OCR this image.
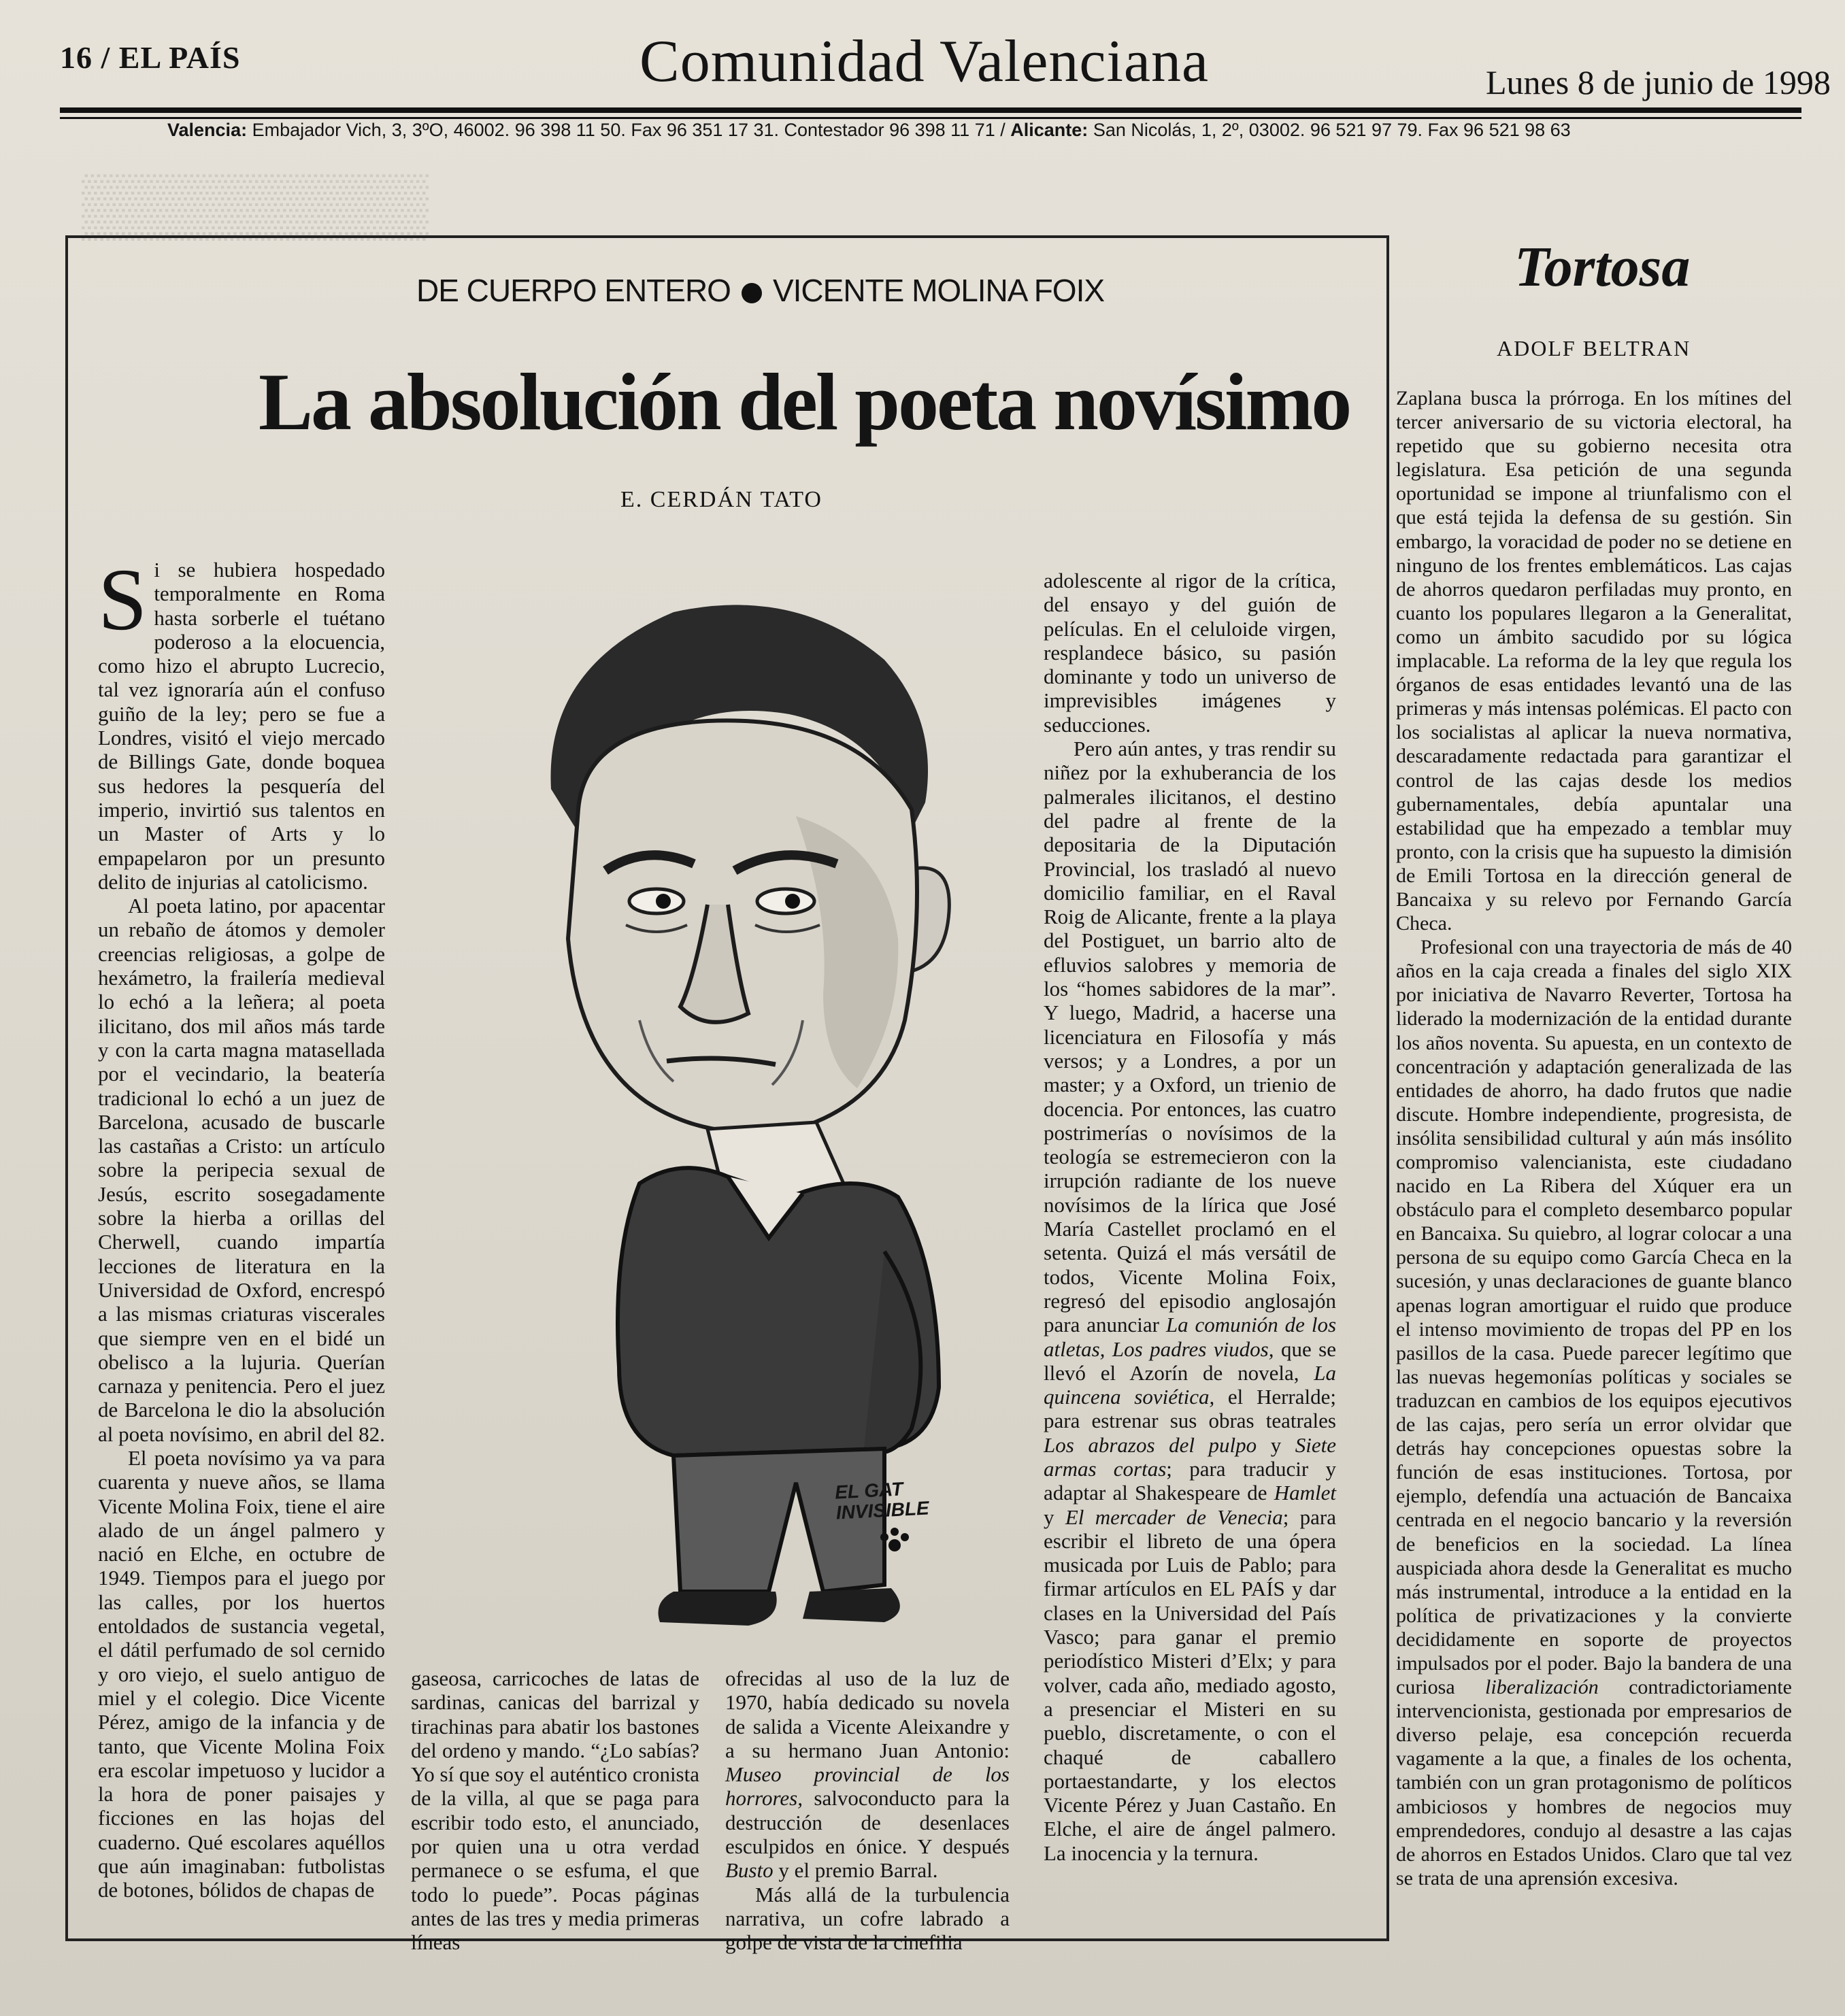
▒▒▒▒▒▒▒▒
16 / EL PAÍS	Comunidad Valenciana	Lunes 8 de junio de 1998
Valencia: Embajador Vich, 3, 3ºO, 46002. 96 398 11 50. Fax 96 351 17 31. Contestador 96 398 11 71 / Alicante: San Nicolás, 1, 2º, 03002. 96 521 97 79. Fax 96 521 98 63
DE CUERPO ENTERO VICENTE MOLINA FOIX
La absolución del poeta novísimo
E. CERDÁN TATO

Si se hubiera hospedado temporalmente en Roma hasta sorberle el tuétano poderoso a la elocuencia, como hizo el abrupto Lucrecio, tal vez ignoraría aún el confuso guiño de la ley; pero se fue a Londres, visitó el viejo mercado de Billings Gate, donde boquea sus hedores la pesquería del imperio, invirtió sus talentos en un Master of Arts y lo empapelaron por un presunto delito de injurias al catolicismo.

Al poeta latino, por apacentar un rebaño de átomos y demoler creencias religiosas, a golpe de hexámetro, la frailería medieval lo echó a la leñera; al poeta ilicitano, dos mil años más tarde y con la carta magna matasellada por el vecindario, la beatería tradicional lo echó a un juez de Barcelona, acusado de buscarle las castañas a Cristo: un artículo sobre la peripecia sexual de Jesús, escrito sosegadamente sobre la hierba a orillas del Cherwell, cuando impartía lecciones de literatura en la Universidad de Oxford, encrespó a las mismas criaturas viscerales que siempre ven en el bidé un obelisco a la lujuria. Querían carnaza y penitencia. Pero el juez de Barcelona le dio la absolución al poeta novísimo, en abril del 82.

El poeta novísimo ya va para cuarenta y nueve años, se llama Vicente Molina Foix, tiene el aire alado de un ángel palmero y nació en Elche, en octubre de 1949. Tiempos para el juego por las calles, por los huertos entoldados de sustancia vegetal, el dátil perfumado de sol cernido y oro viejo, el suelo antiguo de miel y el colegio. Dice Vicente Pérez, amigo de la infancia y de tanto, que Vicente Molina Foix era escolar impetuoso y lucidor a la hora de poner paisajes y ficciones en las hojas del cuaderno. Qué escolares aquéllos que aún imaginaban: futbolistas de botones, bólidos de chapas de

EL GAT
INVISIBLE

gaseosa, carricoches de latas de sardinas, canicas del barrizal y tirachinas para abatir los bastones del ordeno y mando. “¿Lo sabías? Yo sí que soy el auténtico cronista de la villa, al que se paga para escribir todo esto, el anunciado, por quien una u otra verdad permanece o se esfuma, el que todo lo puede”. Pocas páginas antes de las tres y media primeras líneas

ofrecidas al uso de la luz de 1970, había dedicado su novela de salida a Vicente Aleixandre y a su hermano Juan Antonio: Museo provincial de los horrores, salvoconducto para la destrucción de desenlaces esculpidos en ónice. Y después Busto y el premio Barral.

Más allá de la turbulencia narrativa, un cofre labrado a golpe de vista de la cinefilia

adolescente al rigor de la crítica, del ensayo y del guión de películas. En el celuloide virgen, resplandece básico, su pasión dominante y todo un universo de imprevisibles imágenes y seducciones.

Pero aún antes, y tras rendir su niñez por la exhuberancia de los palmerales ilicitanos, el destino del padre al frente de la depositaria de la Diputación Provincial, los trasladó al nuevo domicilio familiar, en el Raval Roig de Alicante, frente a la playa del Postiguet, un barrio alto de efluvios salobres y memoria de los “homes sabidores de la mar”. Y luego, Madrid, a hacerse una licenciatura en Filosofía y más versos; y a Londres, a por un master; y a Oxford, un trienio de docencia. Por entonces, las cuatro postrimerías o novísimos de la teología se estremecieron con la irrupción radiante de los nueve novísimos de la lírica que José María Castellet proclamó en el setenta. Quizá el más versátil de todos, Vicente Molina Foix, regresó del episodio anglosajón para anunciar La comunión de los atletas, Los padres viudos, que se llevó el Azorín de novela, La quincena soviética, el Herralde; para estrenar sus obras teatrales Los abrazos del pulpo y Siete armas cortas; para traducir y adaptar al Shakespeare de Hamlet y El mercader de Venecia; para escribir el libreto de una ópera musicada por Luis de Pablo; para firmar artículos en EL PAÍS y dar clases en la Universidad del País Vasco; para ganar el premio periodístico Misteri d’Elx; y para volver, cada año, mediado agosto, a presenciar el Misteri en su pueblo, discretamente, o con el chaqué de caballero portaestandarte, y los electos Vicente Pérez y Juan Castaño. En Elche, el aire de ángel palmero. La inocencia y la ternura.

Tortosa
ADOLF BELTRAN

Zaplana busca la prórroga. En los mítines del tercer aniversario de su victoria electoral, ha repetido que su gobierno necesita otra legislatura. Esa petición de una segunda oportunidad se impone al triunfalismo con el que está tejida la defensa de su gestión. Sin embargo, la voracidad de poder no se detiene en ninguno de los frentes emblemáticos. Las cajas de ahorros quedaron perfiladas muy pronto, en cuanto los populares llegaron a la Generalitat, como un ámbito sacudido por su lógica implacable. La reforma de la ley que regula los órganos de esas entidades levantó una de las primeras y más intensas polémicas. El pacto con los socialistas al aplicar la nueva normativa, descaradamente redactada para garantizar el control de las cajas desde los medios gubernamentales, debía apuntalar una estabilidad que ha empezado a temblar muy pronto, con la crisis que ha supuesto la dimisión de Emili Tortosa en la dirección general de Bancaixa y su relevo por Fernando García Checa.

Profesional con una trayectoria de más de 40 años en la caja creada a finales del siglo XIX por iniciativa de Navarro Reverter, Tortosa ha liderado la modernización de la entidad durante los años noventa. Su apuesta, en un contexto de concentración y adaptación generalizada de las entidades de ahorro, ha dado frutos que nadie discute. Hombre independiente, progresista, de insólita sensibilidad cultural y aún más insólito compromiso valencianista, este ciudadano nacido en La Ribera del Xúquer era un obstáculo para el completo desembarco popular en Bancaixa. Su quiebro, al lograr colocar a una persona de su equipo como García Checa en la sucesión, y unas declaraciones de guante blanco apenas logran amortiguar el ruido que produce el intenso movimiento de tropas del PP en los pasillos de la casa. Puede parecer legítimo que las nuevas hegemonías políticas y sociales se traduzcan en cambios de los equipos ejecutivos de las cajas, pero sería un error olvidar que detrás hay concepciones opuestas sobre la función de esas instituciones. Tortosa, por ejemplo, defendía una actuación de Bancaixa centrada en el negocio bancario y la reversión de beneficios en la sociedad. La línea auspiciada ahora desde la Generalitat es mucho más instrumental, introduce a la entidad en la política de privatizaciones y la convierte decididamente en soporte de proyectos impulsados por el poder. Bajo la bandera de una curiosa liberalización contradictoriamente intervencionista, gestionada por empresarios de diverso pelaje, esa concepción recuerda vagamente a la que, a finales de los ochenta, también con un gran protagonismo de políticos ambiciosos y hombres de negocios muy emprendedores, condujo al desastre a las cajas de ahorros en Estados Unidos. Claro que tal vez se trata de una aprensión excesiva.
